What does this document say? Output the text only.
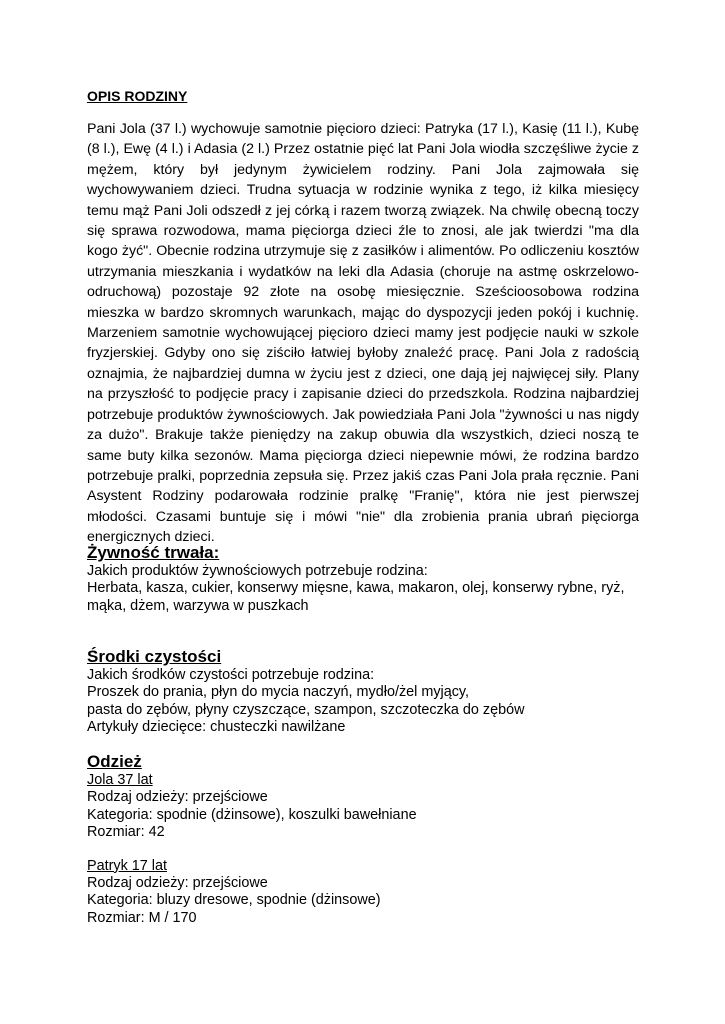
OPIS RODZINY
Pani Jola (37 l.) wychowuje samotnie pięcioro dzieci: Patryka (17 l.), Kasię (11 l.), Kubę (8 l.), Ewę (4 l.) i Adasia (2 l.) Przez ostatnie pięć lat Pani Jola wiodła szczęśliwe życie z mężem, który był jedynym żywicielem rodziny. Pani Jola zajmowała się wychowywaniem dzieci. Trudna sytuacja w rodzinie wynika z tego, iż kilka miesięcy temu mąż Pani Joli odszedł z jej córką i razem tworzą związek. Na chwilę obecną toczy się sprawa rozwodowa, mama pięciorga dzieci źle to znosi, ale jak twierdzi "ma dla kogo żyć". Obecnie rodzina utrzymuje się z zasiłków i alimentów. Po odliczeniu kosztów utrzymania mieszkania i wydatków na leki dla Adasia (choruje na astmę oskrzelowo-odruchową) pozostaje 92 złote na osobę miesięcznie. Sześcioosobowa rodzina mieszka w bardzo skromnych warunkach, mając do dyspozycji jeden pokój i kuchnię. Marzeniem samotnie wychowującej pięcioro dzieci mamy jest podjęcie nauki w szkole fryzjerskiej. Gdyby ono się ziściło łatwiej byłoby znaleźć pracę. Pani Jola z radością oznajmia, że najbardziej dumna w życiu jest z dzieci, one dają jej najwięcej siły. Plany na przyszłość to podjęcie pracy i zapisanie dzieci do przedszkola. Rodzina najbardziej potrzebuje produktów żywnościowych. Jak powiedziała Pani Jola "żywności u nas nigdy za dużo". Brakuje także pieniędzy na zakup obuwia dla wszystkich, dzieci noszą te same buty kilka sezonów. Mama pięciorga dzieci niepewnie mówi, że rodzina bardzo potrzebuje pralki, poprzednia zepsuła się. Przez jakiś czas Pani Jola prała ręcznie. Pani Asystent Rodziny podarowała rodzinie pralkę "Franię", która nie jest pierwszej młodości. Czasami buntuje się i mówi "nie" dla zrobienia prania ubrań pięciorga energicznych dzieci.
Żywność trwała:
Jakich produktów żywnościowych potrzebuje rodzina:
Herbata, kasza, cukier, konserwy mięsne, kawa, makaron, olej, konserwy rybne, ryż,
mąka, dżem, warzywa w puszkach
Środki czystości
Jakich środków czystości potrzebuje rodzina:
Proszek do prania, płyn do mycia naczyń, mydło/żel myjący,
pasta do zębów, płyny czyszczące, szampon, szczoteczka do zębów
Artykuły dziecięce: chusteczki nawilżane
Odzież
Jola 37 lat
Rodzaj odzieży: przejściowe
Kategoria: spodnie (dżinsowe), koszulki bawełniane
Rozmiar: 42
Patryk 17 lat
Rodzaj odzieży: przejściowe
Kategoria: bluzy dresowe, spodnie (dżinsowe)
Rozmiar: M / 170
